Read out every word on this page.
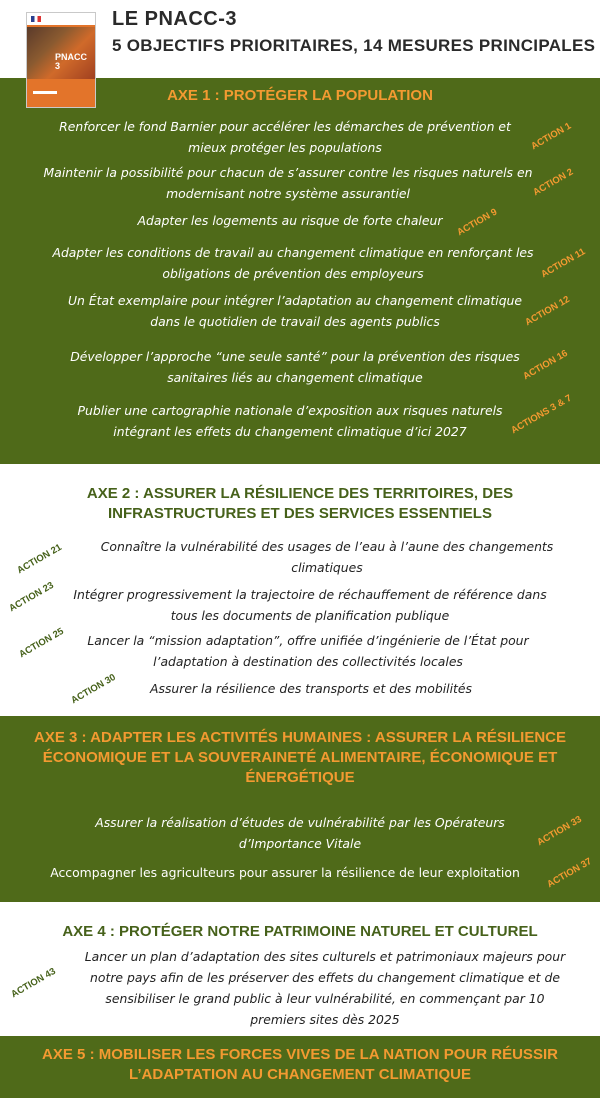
LE PNACC-3
5 OBJECTIFS PRIORITAIRES, 14 MESURES PRINCIPALES
PNACC
3
AXE 1 : PROTÉGER LA POPULATION
Renforcer le fond Barnier pour accélérer les démarches de prévention et
mieux protéger les populations	ACTION 1
Maintenir la possibilité pour chacun de s’assurer contre les risques naturels en
modernisant notre système assurantiel	ACTION 2
Adapter les logements au risque de forte chaleur	ACTION 9
Adapter les conditions de travail au changement climatique en renforçant les
obligations de prévention des employeurs	ACTION 11
Un État exemplaire pour intégrer l’adaptation au changement climatique
dans le quotidien de travail des agents publics	ACTION 12
Développer l’approche “une seule santé” pour la prévention des risques
sanitaires liés au changement climatique	ACTION 16
Publier une cartographie nationale d’exposition aux risques naturels
intégrant les effets du changement climatique d’ici 2027	ACTIONS 3 & 7
AXE 2 : ASSURER LA RÉSILIENCE DES TERRITOIRES, DES
INFRASTRUCTURES ET DES SERVICES ESSENTIELS
Connaître la vulnérabilité des usages de l’eau à l’aune des changements
climatiques
ACTION 21
Intégrer progressivement la trajectoire de réchauffement de référence dans
tous les documents de planification publique
ACTION 23
Lancer la “mission adaptation”, offre unifiée d’ingénierie de l’État pour
l’adaptation à destination des collectivités locales
ACTION 25
Assurer la résilience des transports et des mobilités
ACTION 30
AXE 3 : ADAPTER LES ACTIVITÉS HUMAINES : ASSURER LA RÉSILIENCE
ÉCONOMIQUE ET LA SOUVERAINETÉ ALIMENTAIRE, ÉCONOMIQUE ET
ÉNERGÉTIQUE
Assurer la réalisation d’études de vulnérabilité par les Opérateurs
d’Importance Vitale	ACTION 33
Accompagner les agriculteurs pour assurer la résilience de leur exploitation	ACTION 37
AXE 4 : PROTÉGER NOTRE PATRIMOINE NATUREL ET CULTUREL
Lancer un plan d’adaptation des sites culturels et patrimoniaux majeurs pour
notre pays afin de les préserver des effets du changement climatique et de
sensibiliser le grand public à leur vulnérabilité, en commençant par 10
premiers sites dès 2025
ACTION 43
AXE 5 : MOBILISER LES FORCES VIVES DE LA NATION POUR RÉUSSIR
L’ADAPTATION AU CHANGEMENT CLIMATIQUE
